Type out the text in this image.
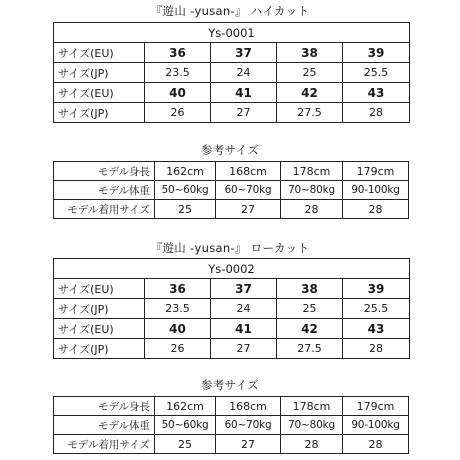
『遊山 -yusan-』 ハイカット
Ys-0001				
サイズ(EU)	36	37	38	39
サイズ(JP)	23.5	24	25	25.5
サイズ(EU)	40	41	42	43
サイズ(JP)	26	27	27.5	28
参考サイズ
モデル身長	162cm	168cm	178cm	179cm
モデル体重	50~60kg	60~70kg	70~80kg	90-100kg
モデル着用サイズ	25	27	28	28
『遊山 -yusan-』 ローカット
Ys-0002				
サイズ(EU)	36	37	38	39
サイズ(JP)	23.5	24	25	25.5
サイズ(EU)	40	41	42	43
サイズ(JP)	26	27	27.5	28
参考サイズ
モデル身長	162cm	168cm	178cm	179cm
モデル体重	50~60kg	60~70kg	70~80kg	90-100kg
モデル着用サイズ	25	27	28	28
